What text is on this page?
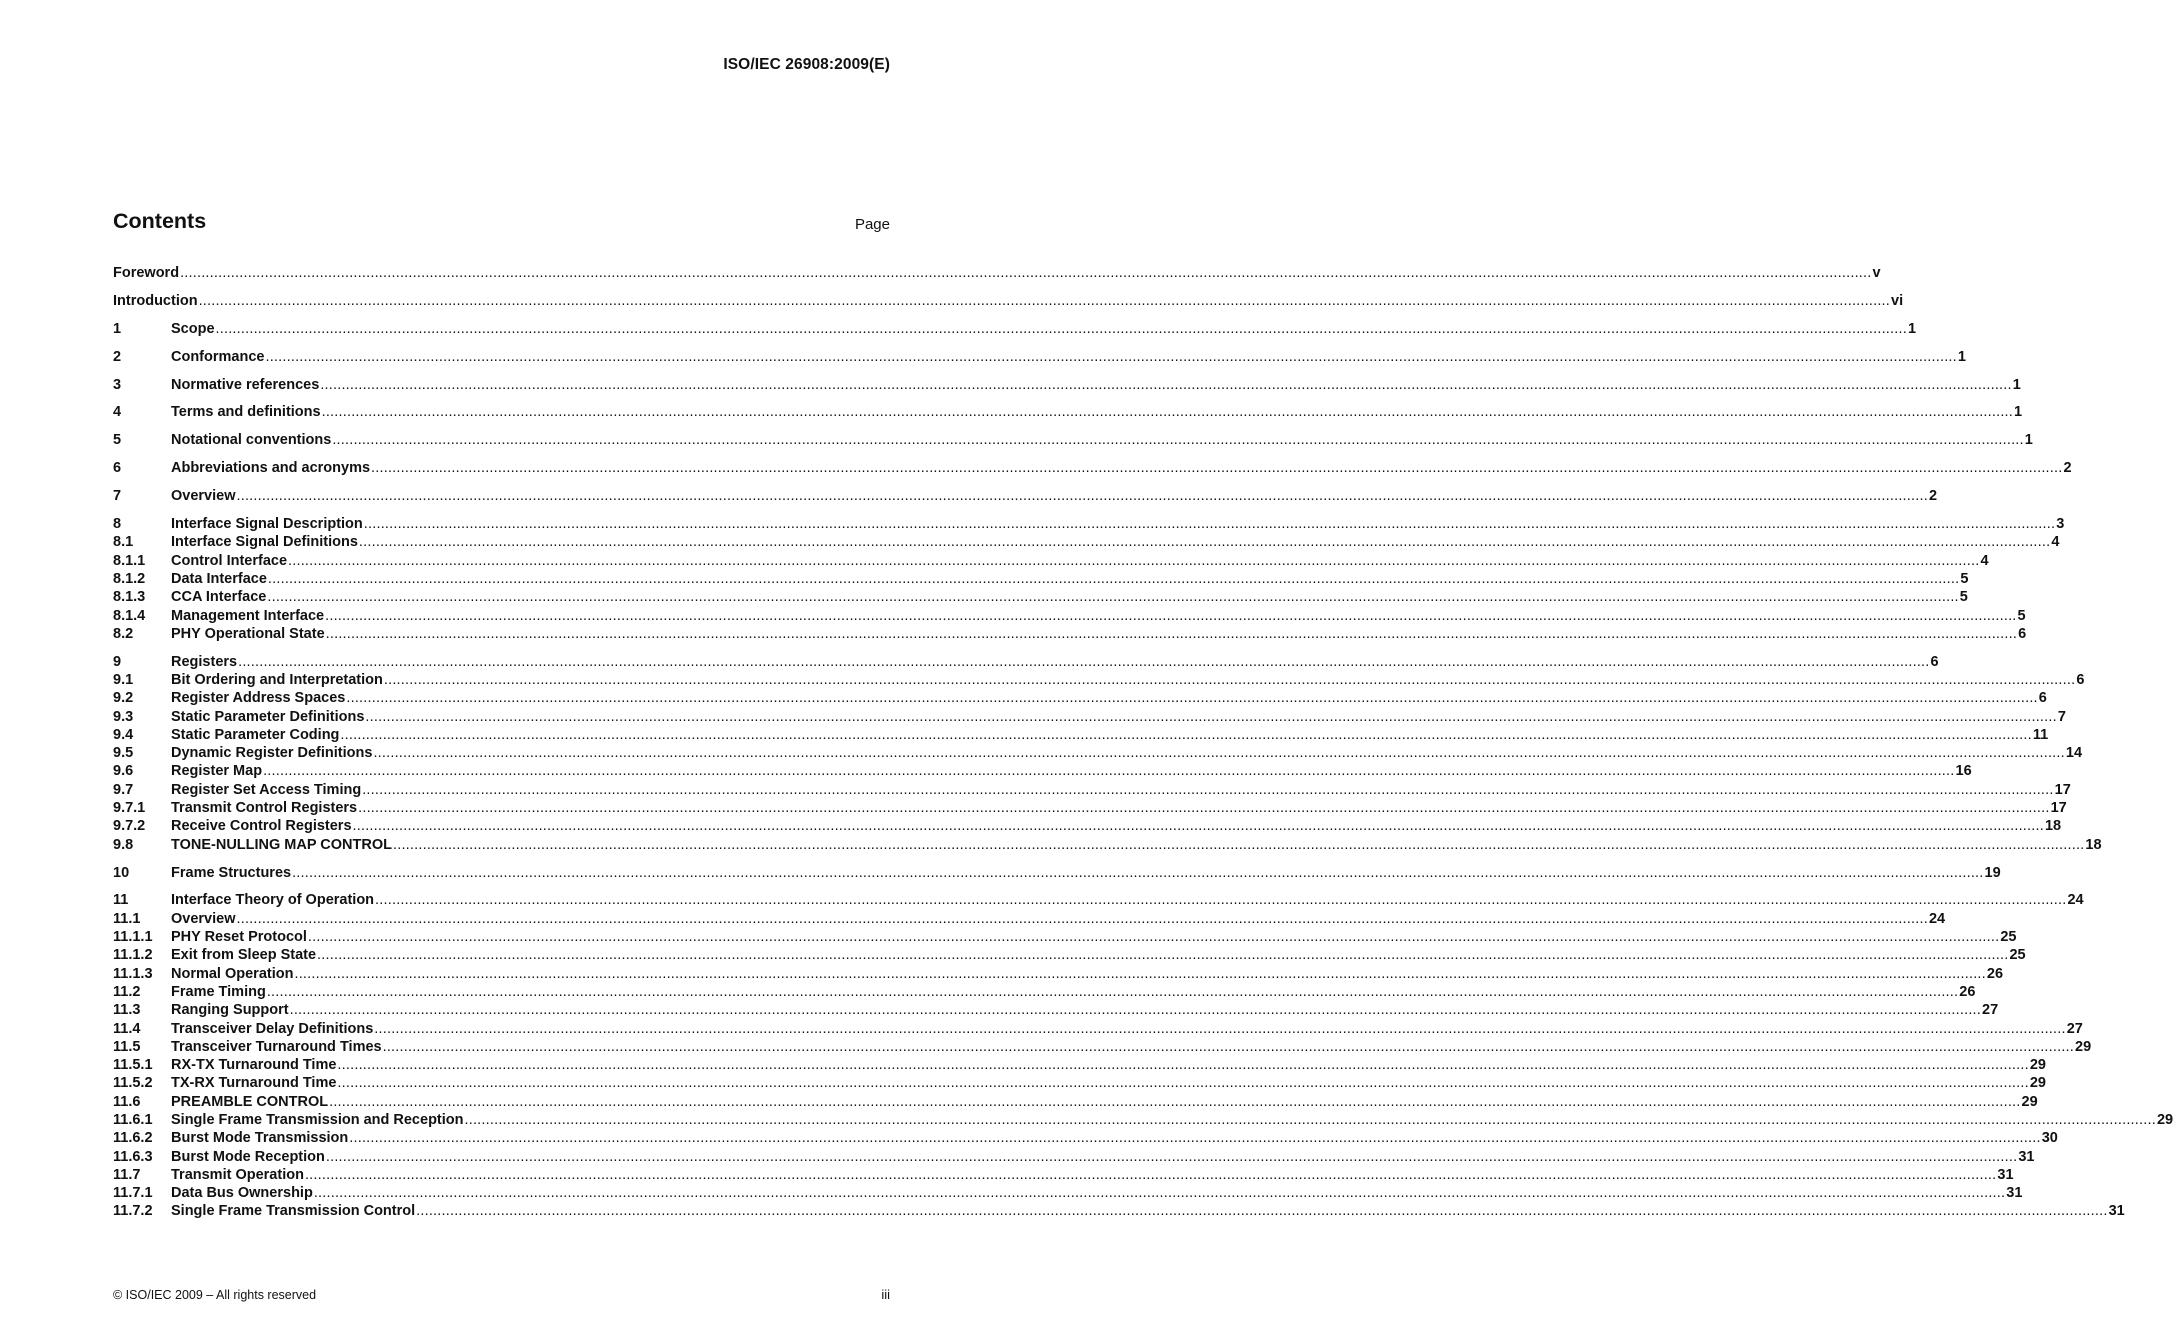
ISO/IEC 26908:2009(E)
Contents	Page
Foreword ................................................................................................................................................................................................................................................................................................................................................................................................................ v
Introduction ................................................................................................................................................................................................................................................................................................................................................................................................................ vi
1	Scope ................................................................................................................................................................................................................................................................................................................................................................................................................ 1
2	Conformance ................................................................................................................................................................................................................................................................................................................................................................................................................ 1
3	Normative references ................................................................................................................................................................................................................................................................................................................................................................................................................ 1
4	Terms and definitions ................................................................................................................................................................................................................................................................................................................................................................................................................ 1
5	Notational conventions ................................................................................................................................................................................................................................................................................................................................................................................................................ 1
6	Abbreviations and acronyms ................................................................................................................................................................................................................................................................................................................................................................................................................ 2
7	Overview ................................................................................................................................................................................................................................................................................................................................................................................................................ 2
8	Interface Signal Description ................................................................................................................................................................................................................................................................................................................................................................................................................ 3
8.1	Interface Signal Definitions ................................................................................................................................................................................................................................................................................................................................................................................................................ 4
8.1.1	Control Interface ................................................................................................................................................................................................................................................................................................................................................................................................................ 4
8.1.2	Data Interface ................................................................................................................................................................................................................................................................................................................................................................................................................ 5
8.1.3	CCA Interface ................................................................................................................................................................................................................................................................................................................................................................................................................ 5
8.1.4	Management Interface ................................................................................................................................................................................................................................................................................................................................................................................................................ 5
8.2	PHY Operational State ................................................................................................................................................................................................................................................................................................................................................................................................................ 6
9	Registers ................................................................................................................................................................................................................................................................................................................................................................................................................ 6
9.1	Bit Ordering and Interpretation ................................................................................................................................................................................................................................................................................................................................................................................................................ 6
9.2	Register Address Spaces ................................................................................................................................................................................................................................................................................................................................................................................................................ 6
9.3	Static Parameter Definitions ................................................................................................................................................................................................................................................................................................................................................................................................................ 7
9.4	Static Parameter Coding ................................................................................................................................................................................................................................................................................................................................................................................................................ 11
9.5	Dynamic Register Definitions ................................................................................................................................................................................................................................................................................................................................................................................................................ 14
9.6	Register Map ................................................................................................................................................................................................................................................................................................................................................................................................................ 16
9.7	Register Set Access Timing ................................................................................................................................................................................................................................................................................................................................................................................................................ 17
9.7.1	Transmit Control Registers ................................................................................................................................................................................................................................................................................................................................................................................................................ 17
9.7.2	Receive Control Registers ................................................................................................................................................................................................................................................................................................................................................................................................................ 18
9.8	TONE-NULLING MAP CONTROL ................................................................................................................................................................................................................................................................................................................................................................................................................ 18
10	Frame Structures ................................................................................................................................................................................................................................................................................................................................................................................................................ 19
11	Interface Theory of Operation ................................................................................................................................................................................................................................................................................................................................................................................................................ 24
11.1	Overview ................................................................................................................................................................................................................................................................................................................................................................................................................ 24
11.1.1	PHY Reset Protocol ................................................................................................................................................................................................................................................................................................................................................................................................................ 25
11.1.2	Exit from Sleep State ................................................................................................................................................................................................................................................................................................................................................................................................................ 25
11.1.3	Normal Operation ................................................................................................................................................................................................................................................................................................................................................................................................................ 26
11.2	Frame Timing ................................................................................................................................................................................................................................................................................................................................................................................................................ 26
11.3	Ranging Support ................................................................................................................................................................................................................................................................................................................................................................................................................ 27
11.4	Transceiver Delay Definitions ................................................................................................................................................................................................................................................................................................................................................................................................................ 27
11.5	Transceiver Turnaround Times ................................................................................................................................................................................................................................................................................................................................................................................................................ 29
11.5.1	RX-TX Turnaround Time ................................................................................................................................................................................................................................................................................................................................................................................................................ 29
11.5.2	TX-RX Turnaround Time ................................................................................................................................................................................................................................................................................................................................................................................................................ 29
11.6	PREAMBLE CONTROL ................................................................................................................................................................................................................................................................................................................................................................................................................ 29
11.6.1	Single Frame Transmission and Reception ................................................................................................................................................................................................................................................................................................................................................................................................................ 29
11.6.2	Burst Mode Transmission ................................................................................................................................................................................................................................................................................................................................................................................................................ 30
11.6.3	Burst Mode Reception ................................................................................................................................................................................................................................................................................................................................................................................................................ 31
11.7	Transmit Operation ................................................................................................................................................................................................................................................................................................................................................................................................................ 31
11.7.1	Data Bus Ownership ................................................................................................................................................................................................................................................................................................................................................................................................................ 31
11.7.2	Single Frame Transmission Control ................................................................................................................................................................................................................................................................................................................................................................................................................ 31
© ISO/IEC 2009 – All rights reserved	iii
